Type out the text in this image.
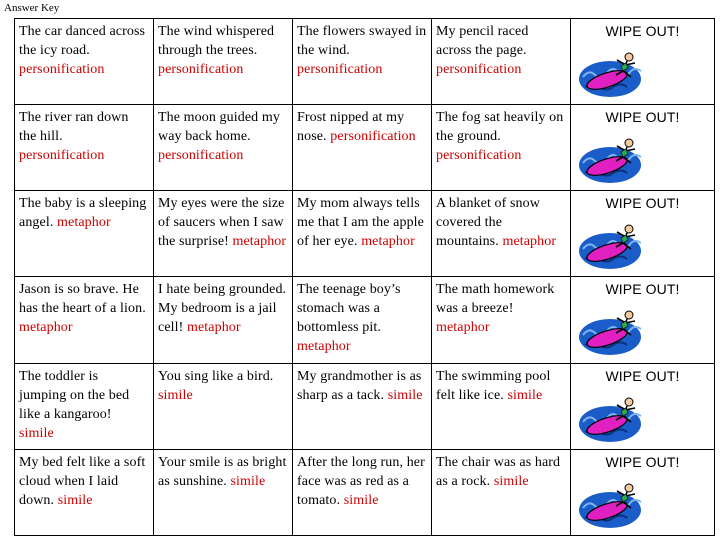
Answer Key
The car danced across the icy road. personification	The wind whispered through the trees. personification	The flowers swayed in the wind. personification	My pencil raced across the page. personification	WIPE OUT!

The river ran down the hill. personification	The moon guided my way back home. personification	Frost nipped at my nose. personification	The fog sat heavily on the ground. personification	WIPE OUT!

The baby is a sleeping angel. metaphor	My eyes were the size of saucers when I saw the surprise! metaphor	My mom always tells me that I am the apple of her eye. metaphor	A blanket of snow covered the mountains. metaphor	WIPE OUT!

Jason is so brave. He has the heart of a lion. metaphor	I hate being grounded. My bedroom is a jail cell! metaphor	The teenage boy’s stomach was a bottomless pit. metaphor	The math homework was a breeze! metaphor	WIPE OUT!

The toddler is jumping on the bed like a kangaroo! simile	You sing like a bird. simile	My grandmother is as sharp as a tack. simile	The swimming pool felt like ice. simile	WIPE OUT!

My bed felt like a soft cloud when I laid down. simile	Your smile is as bright as sunshine. simile	After the long run, her face was as red as a tomato. simile	The chair was as hard as a rock. simile	WIPE OUT!
